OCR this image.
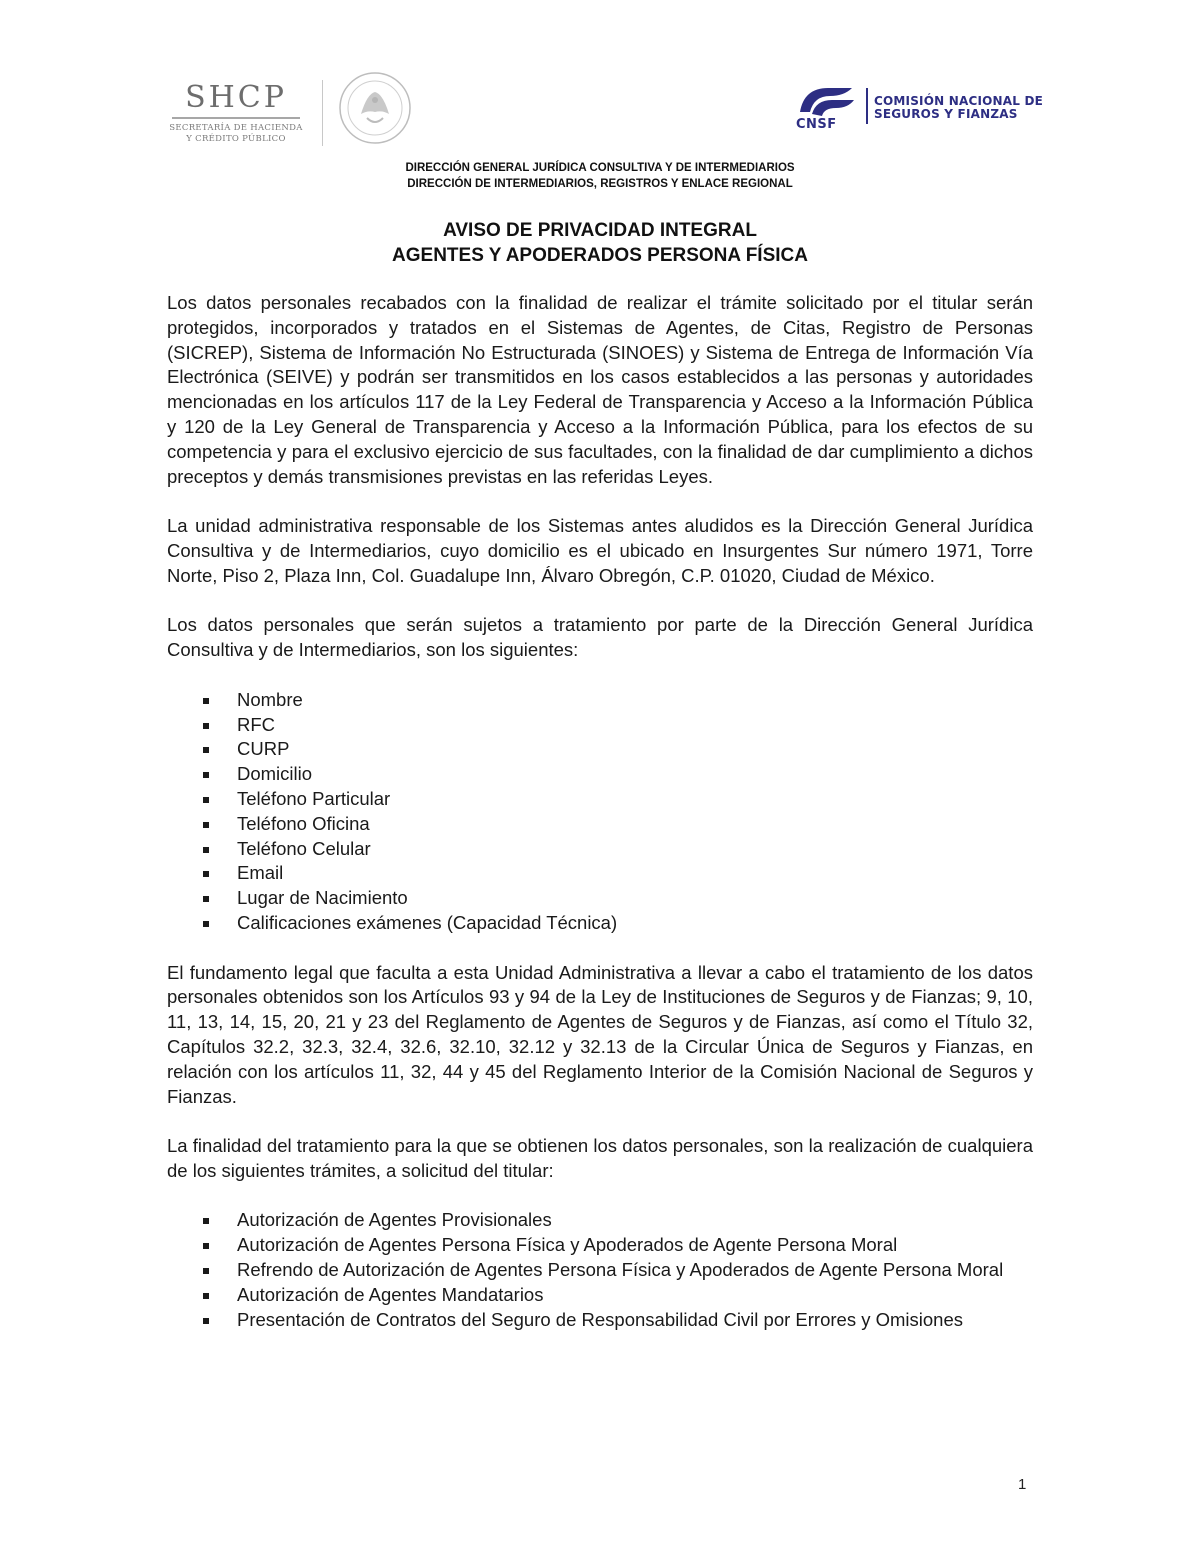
SHCP
SECRETARÍA DE HACIENDA
Y CRÉDITO PÚBLICO
CNSF
COMISIÓN NACIONAL DE
SEGUROS Y FIANZAS
DIRECCIÓN GENERAL JURÍDICA CONSULTIVA Y DE INTERMEDIARIOS
DIRECCIÓN DE INTERMEDIARIOS, REGISTROS Y ENLACE REGIONAL
AVISO DE PRIVACIDAD INTEGRAL
AGENTES Y APODERADOS PERSONA FÍSICA

Los datos personales recabados con la finalidad de realizar el trámite solicitado por el titular serán protegidos, incorporados y tratados en el Sistemas de Agentes, de Citas, Registro de Personas (SICREP), Sistema de Información No Estructurada (SINOES) y Sistema de Entrega de Información Vía Electrónica (SEIVE) y podrán ser transmitidos en los casos establecidos a las personas y autoridades mencionadas en los artículos 117 de la Ley Federal de Transparencia y Acceso a la Información Pública y 120 de la Ley General de Transparencia y Acceso a la Información Pública, para los efectos de su competencia y para el exclusivo ejercicio de sus facultades, con la finalidad de dar cumplimiento a dichos preceptos y demás transmisiones previstas en las referidas Leyes.

La unidad administrativa responsable de los Sistemas antes aludidos es la Dirección General Jurídica Consultiva y de Intermediarios, cuyo domicilio es el ubicado en Insurgentes Sur número 1971, Torre Norte, Piso 2, Plaza Inn, Col. Guadalupe Inn, Álvaro Obregón, C.P. 01020, Ciudad de México.

Los datos personales que serán sujetos a tratamiento por parte de la Dirección General Jurídica Consultiva y de Intermediarios, son los siguientes:

Nombre
RFC
CURP
Domicilio
Teléfono Particular
Teléfono Oficina
Teléfono Celular
Email
Lugar de Nacimiento
Calificaciones exámenes (Capacidad Técnica)

El fundamento legal que faculta a esta Unidad Administrativa a llevar a cabo el tratamiento de los datos personales obtenidos son los Artículos 93 y 94 de la Ley de Instituciones de Seguros y de Fianzas; 9, 10, 11, 13, 14, 15, 20, 21 y 23 del Reglamento de Agentes de Seguros y de Fianzas, así como el Título 32, Capítulos 32.2, 32.3, 32.4, 32.6, 32.10, 32.12 y 32.13 de la Circular Única de Seguros y Fianzas, en relación con los artículos 11, 32, 44 y 45 del Reglamento Interior de la Comisión Nacional de Seguros y Fianzas.

La finalidad del tratamiento para la que se obtienen los datos personales, son la realización de cualquiera de los siguientes trámites, a solicitud del titular:

Autorización de Agentes Provisionales
Autorización de Agentes Persona Física y Apoderados de Agente Persona Moral
Refrendo de Autorización de Agentes Persona Física y Apoderados de Agente Persona Moral
Autorización de Agentes Mandatarios
Presentación de Contratos del Seguro de Responsabilidad Civil por Errores y Omisiones
1
